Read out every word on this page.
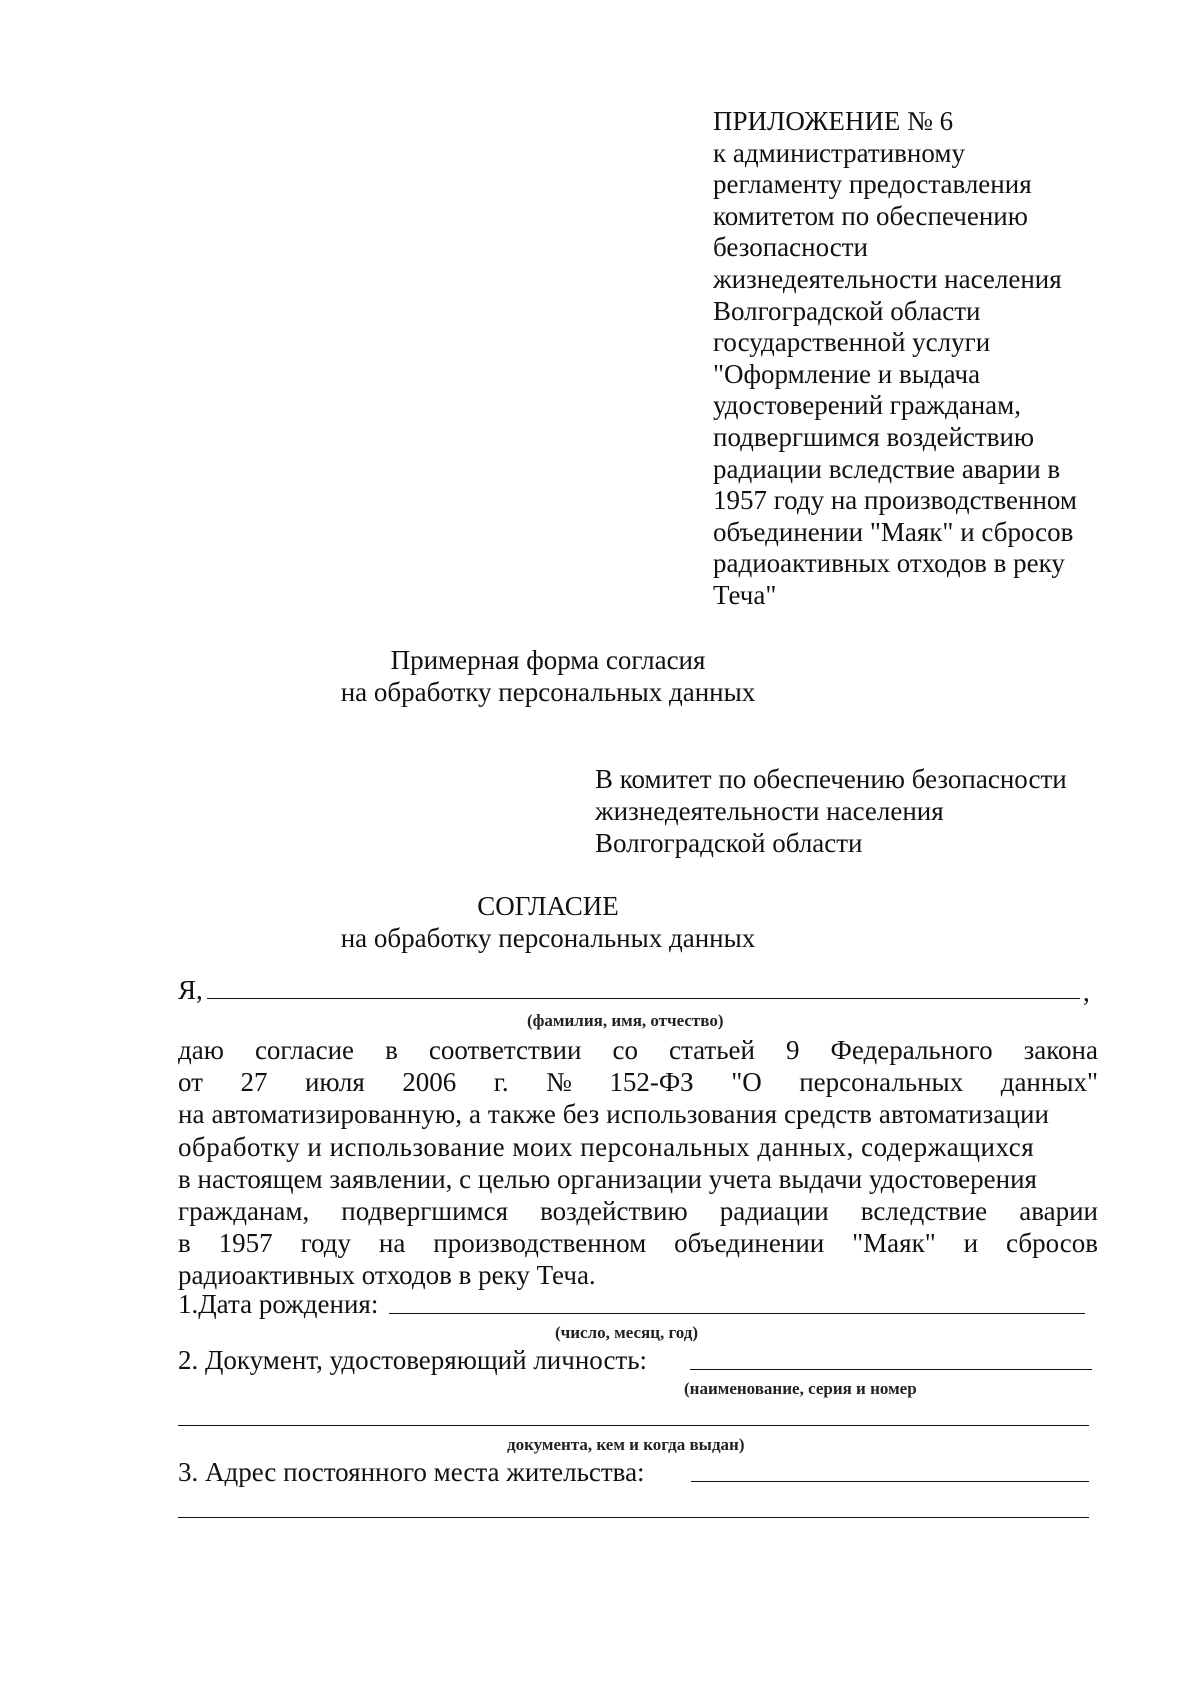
ПРИЛОЖЕНИЕ № 6
к административному
регламенту предоставления
комитетом по обеспечению
безопасности
жизнедеятельности населения
Волгоградской области
государственной услуги
"Оформление и выдача
удостоверений гражданам,
подвергшимся воздействию
радиации вследствие аварии в
1957 году на производственном
объединении "Маяк" и сбросов
радиоактивных отходов в реку
Теча"
Примерная форма согласия
на обработку персональных данных
В комитет по обеспечению безопасности
жизнедеятельности населения
Волгоградской области
СОГЛАСИЕ
на обработку персональных данных
Я,	,
(фамилия, имя, отчество)
даю согласие в соответствии со статьей 9 Федерального закона
от 27 июля 2006 г. № 152-ФЗ "О персональных данных"
на автоматизированную, а также без использования средств автоматизации
обработку и использование моих персональных данных, содержащихся
в настоящем заявлении, с целью организации учета выдачи удостоверения
гражданам, подвергшимся воздействию радиации вследствие аварии
в 1957 году на производственном объединении "Маяк" и сбросов
радиоактивных отходов в реку Теча.
1.Дата рождения:
(число, месяц, год)
2. Документ, удостоверяющий личность:
(наименование, серия и номер
документа, кем и когда выдан)
3. Адрес постоянного места жительства:
